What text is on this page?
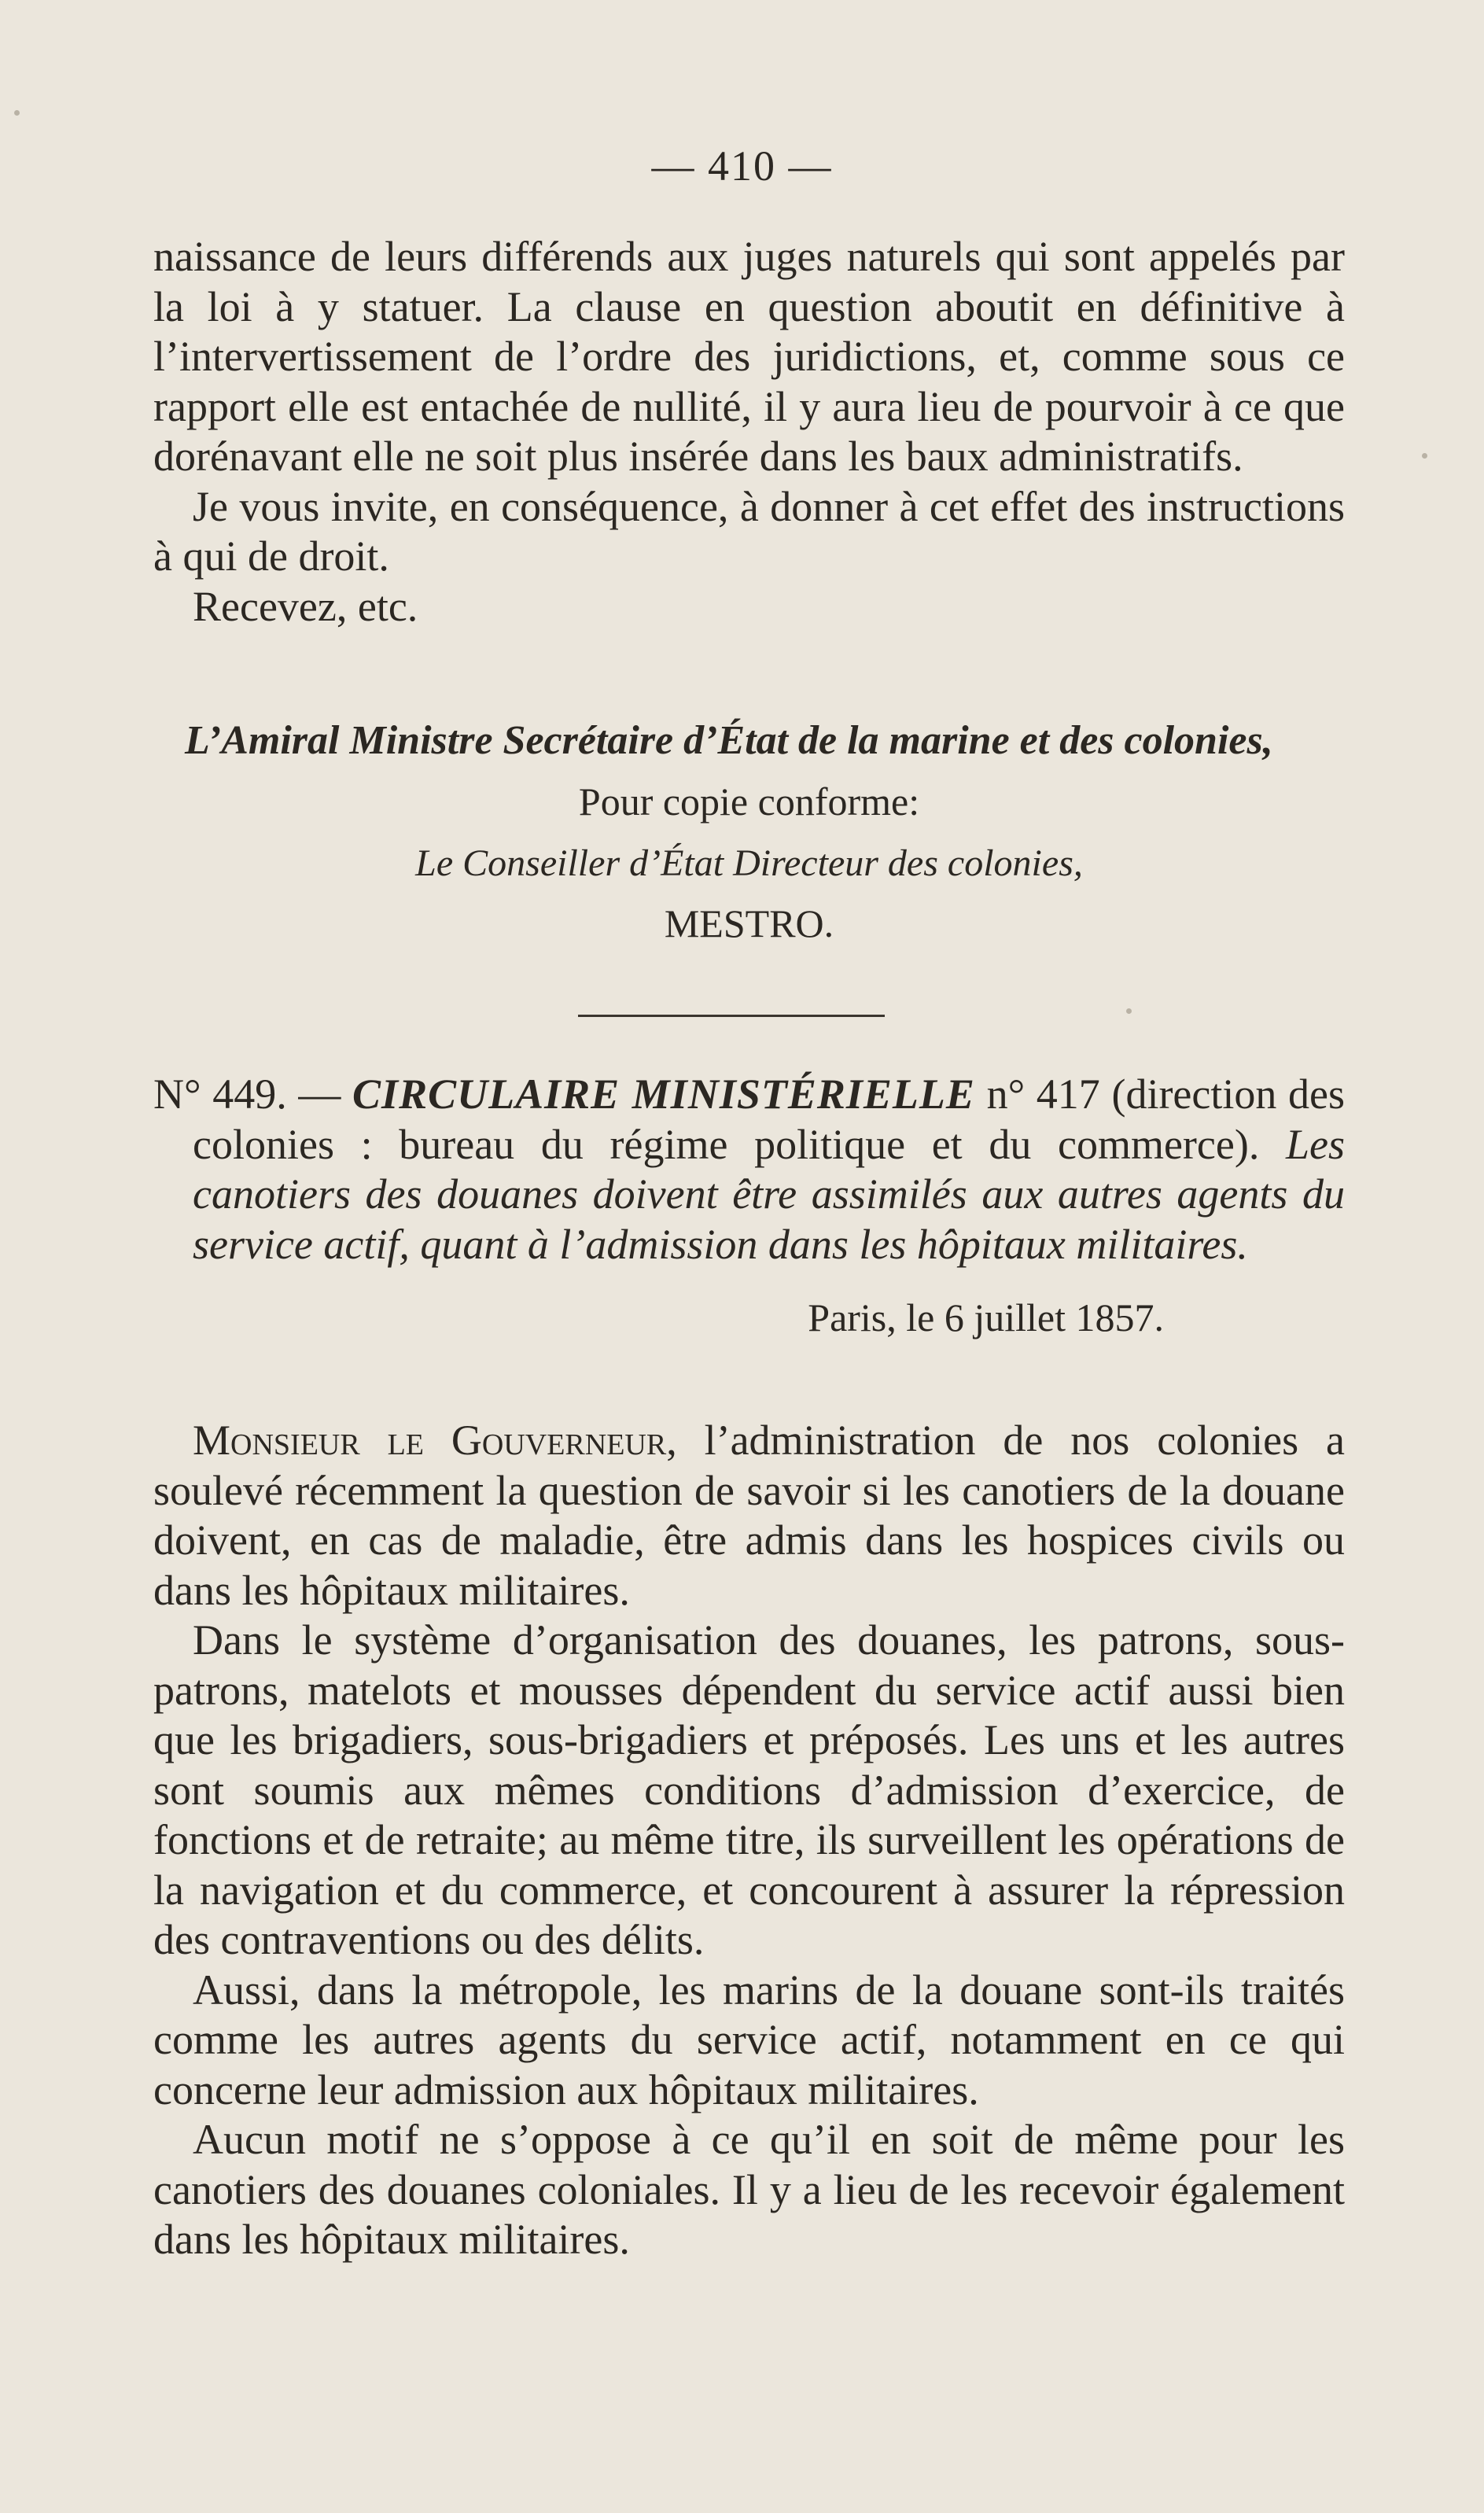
— 410 —

naissance de leurs différends aux juges naturels qui sont appelés par la loi à y statuer. La clause en question aboutit en définitive à l’intervertissement de l’ordre des juridictions, et, comme sous ce rapport elle est entachée de nullité, il y aura lieu de pourvoir à ce que dorénavant elle ne soit plus insérée dans les baux administratifs.

Je vous invite, en conséquence, à donner à cet effet des instructions à qui de droit.

Recevez, etc.

L’Amiral Ministre Secrétaire d’État de la marine et des colonies,

Pour copie conforme:

Le Conseiller d’État Directeur des colonies,

MESTRO.

N° 449. — CIRCULAIRE MINISTÉRIELLE n° 417 (direction des colonies : bureau du régime politique et du commerce). Les canotiers des douanes doivent être assimilés aux autres agents du service actif, quant à l’admission dans les hôpitaux militaires.

Paris, le 6 juillet 1857.

Monsieur le Gouverneur, l’administration de nos colonies a soulevé récemment la question de savoir si les canotiers de la douane doivent, en cas de maladie, être admis dans les hospices civils ou dans les hôpitaux militaires.

Dans le système d’organisation des douanes, les patrons, sous-patrons, matelots et mousses dépendent du service actif aussi bien que les brigadiers, sous-brigadiers et préposés. Les uns et les autres sont soumis aux mêmes conditions d’admission d’exercice, de fonctions et de retraite; au même titre, ils surveillent les opérations de la navigation et du commerce, et concourent à assurer la répression des contraventions ou des délits.

Aussi, dans la métropole, les marins de la douane sont-ils traités comme les autres agents du service actif, notamment en ce qui concerne leur admission aux hôpitaux militaires.

Aucun motif ne s’oppose à ce qu’il en soit de même pour les canotiers des douanes coloniales. Il y a lieu de les recevoir également dans les hôpitaux militaires.
